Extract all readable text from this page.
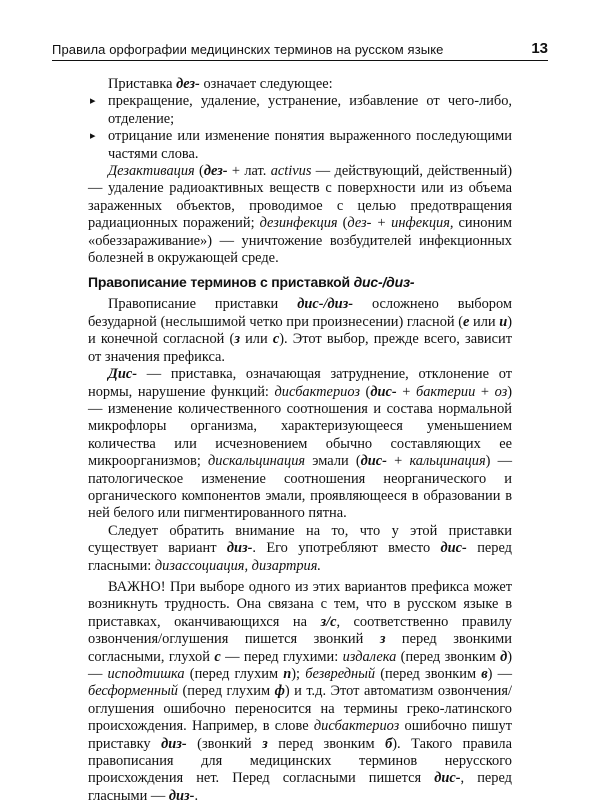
Правила орфографии медицинских терминов на русском языке	13

Приставка дез- означает следующее:

▸ прекращение, удаление, устранение, избавление от чего-либо, отделение;
▸ отрицание или изменение понятия выраженного последующими частями слова.

Дезактивация (дез- + лат. activus — действующий, действенный) — удаление радиоактивных веществ с поверхности или из объема зараженных объектов, проводимое с целью предотвращения радиационных поражений; дезинфекция (дез- + инфекция, синоним «обеззараживание») — уничтожение возбудителей инфекционных болезней в окружающей среде.

Правописание терминов с приставкой дис-/диз-

Правописание приставки дис-/диз- осложнено выбором безударной (неслышимой четко при произнесении) гласной (е или и) и конечной согласной (з или с). Этот выбор, прежде всего, зависит от значения префикса.

Дис- — приставка, означающая затруднение, отклонение от нормы, нарушение функций: дисбактериоз (дис- + бактерии + оз) — изменение количественного соотношения и состава нормальной микрофлоры организма, характеризующееся уменьшением количества или исчезновением обычно составляющих ее микроорганизмов; дискальцинация эмали (дис- + кальцинация) — патологическое изменение соотношения неорганического и органического компонентов эмали, проявляющееся в образовании в ней белого или пигментированного пятна.

Следует обратить внимание на то, что у этой приставки существует вариант диз-. Его употребляют вместо дис- перед гласными: дизассоциация, дизартрия.

ВАЖНО! При выборе одного из этих вариантов префикса может возникнуть трудность. Она связана с тем, что в русском языке в приставках, оканчивающихся на з/с, соответственно правилу озвончения/оглушения пишется звонкий з перед звонкими согласными, глухой с — перед глухими: издалека (перед звонким д) — исподтишка (перед глухим п); безвредный (перед звонким в) — бесформенный (перед глухим ф) и т.д. Этот автоматизм озвончения/оглушения ошибочно переносится на термины греко-латинского происхождения. Например, в слове дисбактериоз ошибочно пишут приставку диз- (звонкий з перед звонким б). Такого правила правописания для медицинских терминов нерусского происхождения нет. Перед согласными пишется дис-, перед гласными — диз-.
